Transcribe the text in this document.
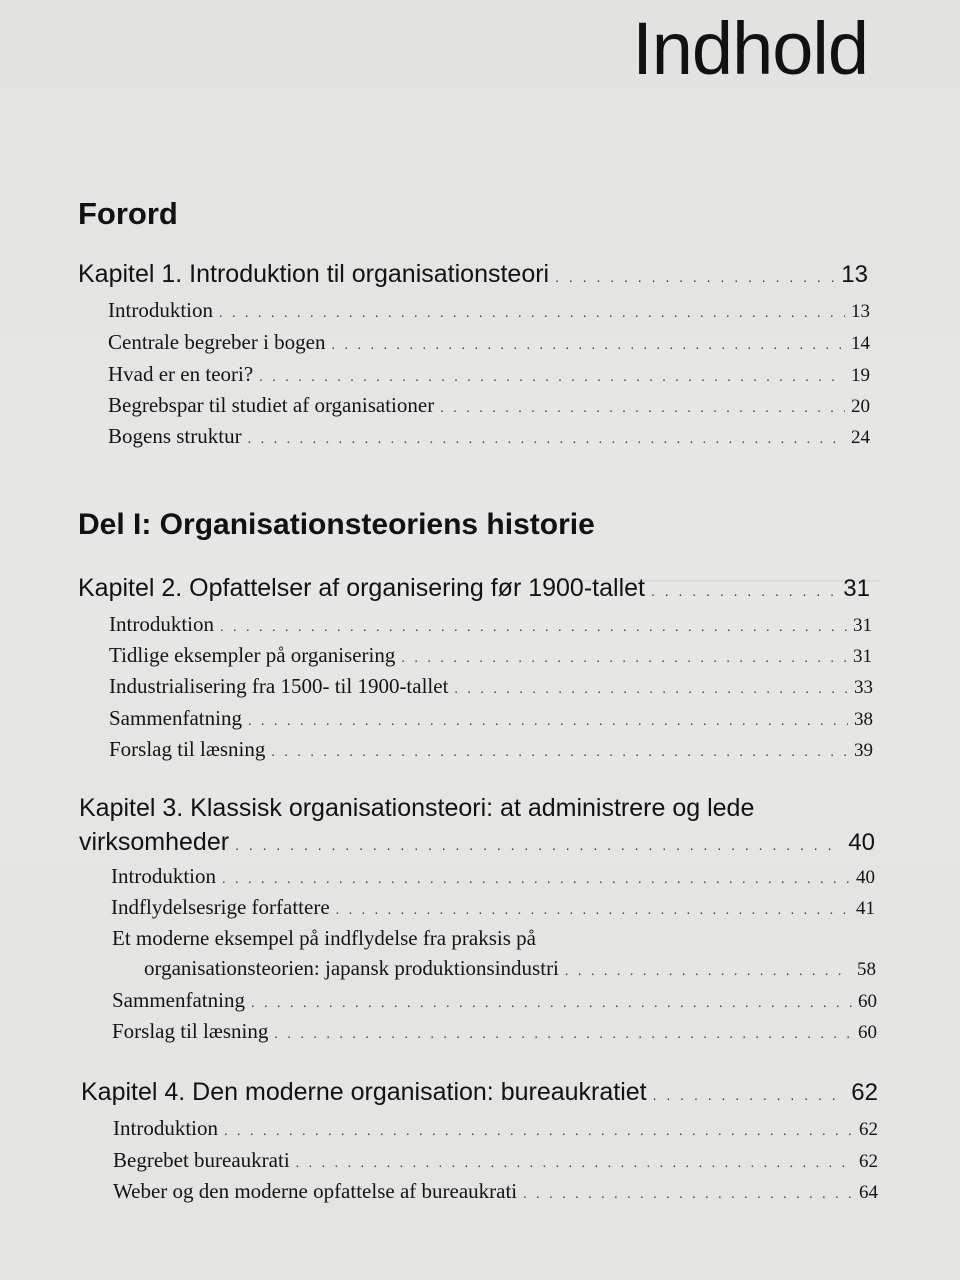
Indhold
Forord
Kapitel 1. Introduktion til organisationsteori . . .	13
Introduktion . . .	13
Centrale begreber i bogen . . .	14
Hvad er en teori? . . .	19
Begrebspar til studiet af organisationer . . .	20
Bogens struktur . . .	24
Del I: Organisationsteoriens historie
Kapitel 2. Opfattelser af organisering før 1900-tallet . . .	31
Introduktion . . .	31
Tidlige eksempler på organisering . . .	31
Industrialisering fra 1500- til 1900-tallet . . .	33
Sammenfatning . . .	38
Forslag til læsning . . .	39
Kapitel 3. Klassisk organisationsteori: at administrere og lede
virksomheder . . .	40
Introduktion . . .	40
Indflydelsesrige forfattere . . .	41
Et moderne eksempel på indflydelse fra praksis på
organisationsteorien: japansk produktionsindustri . . .	58
Sammenfatning . . .	60
Forslag til læsning . . .	60
Kapitel 4. Den moderne organisation: bureaukratiet . . .	62
Introduktion . . .	62
Begrebet bureaukrati . . .	62
Weber og den moderne opfattelse af bureaukrati . . .	64
